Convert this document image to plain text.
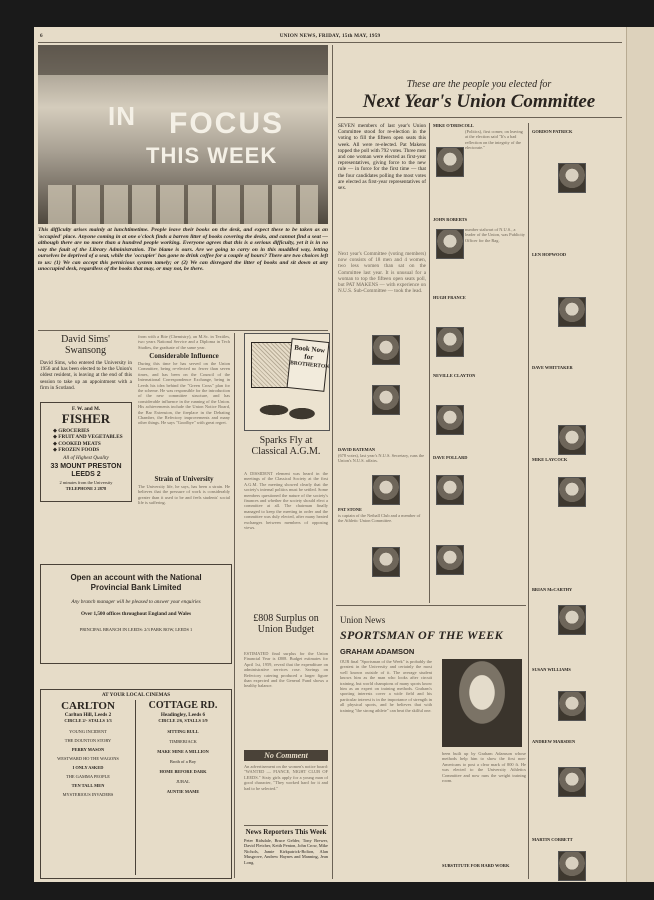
6	UNION NEWS, FRIDAY, 15th MAY, 1959
IN FOCUS
THIS WEEK
This difficulty arises mainly at lunchtimetime. People leave their books on the desk, and expect these to be taken as an 'occupied' place. Anyone coming in at one o'clock finds a barren litter of books covering the desks, and cannot find a seat — although there are no more than a hundred people working. Everyone agrees that this is a serious difficulty, yet it is in no way the fault of the Library Administration. The blame is ours. Are we going to carry on in this muddled way, letting ourselves be deprived of a seat, while the 'occupier' has gone to drink coffee for a couple of hours? There are two choices left to us: (1) We can accept this pernicious system tamely; or (2) We can disregard the litter of books and sit down at any unoccupied desk, regardless of the books that may, or may not, be there.
David Sims'
Swansong
David Sims, who entered the University in 1956 and has been elected to be the Union's oldest resident, is leaving at the end of this session to take up an appointment with a firm in Scotland.
F. W. and M.
FISHER
◆ GROCERIES
◆ FRUIT AND VEGETABLES
◆ COOKED MEATS
◆ FROZEN FOODS
All of Highest Quality
33 MOUNT PRESTON LEEDS 2
2 minutes from the University
TELEPHONE 2 2878
from with a Bite (Chemistry), an M.Sc. in Textiles, two years National Service and a Diploma in Tech Studies, the graduate of the same year.
Considerable Influence
During this time he has served on the Union Committee, being re-elected no fewer than seven times, and has been on the Council of the International Correspondence Exchange, being in Leeds his idea behind the "Green Cross" plan for the scheme. He was responsible for the introduction of the new committee structure, and has considerable influence in the running of the Union. His achievements include the Union Notice Board, the Bar Extension, the fireplace in the Debating Chamber, the Refectory improvements and many other things. He says "Goodbye" with great regret.
Strain of University
The University life, he says, has been a strain. He believes that the pressure of work is considerably greater than it used to be and feels students' social life is suffering.
Open an account with the National Provincial Bank Limited
Any branch manager will be pleased to answer your enquiries
Over 1,500 offices throughout England and Wales
PRINCIPAL BRANCH IN LEEDS: 2/3 PARK ROW, LEEDS 1
AT YOUR LOCAL CINEMAS
CARLTON
Carlton Hill, Leeds 2
CIRCLE 2/- STALLS 1/3
YOUNG INCIDENT
THE DOUNTON STORY
PERRY MASON
WESTWARD HO THE WAGONS
I ONLY ASKED
THE GAMMA PEOPLE
TEN TALL MEN
MYSTERIOUS INVADERS
COTTAGE RD.
Headingley, Leeds 6
CIRCLE 2/6, STALLS 1/9
SITTING BULL
TIMBERJACK
MAKE MINE A MILLION
Broth of a Boy
HOME BEFORE DARK
JUBAL
AUNTIE MAME
Book Now
for
BROTHERTON
Sparks Fly at Classical A.G.M.
A DISSIDENT element was heard in the meetings of the Classical Society at the first A.G.M. The meeting showed clearly that the society's internal politics must be settled. Some members questioned the nature of the society's finances and whether the society should elect a committee at all. The chairman finally managed to keep the meeting in order and the committee was duly elected, after many heated exchanges between members of opposing views.
£808 Surplus on Union Budget
ESTIMATED final surplus for the Union Financial Year is £808. Budget estimates for April 1st, 1959, reveal that the expenditure on administrative services rose. Savings on Refectory catering produced a larger figure than expected and the General Fund shows a healthy balance.
No Comment
An advertisement on the women's notice board: "WANTED — FIANCE, NIGHT CLUB OF LEEDS." Sixty girls apply for a young man of good character, "They worked hard for it and had to be selected."
News Reporters This Week
Peter Ridsdale, Bruce Gelder, Tony Brewer, David Fletcher, Keith Penton, John Crow, Mike Nichols, Jamie Kirkpatrick-Bolton, Alan Musgrove, Andrew Haynes and Manning, Jean Long.
These are the people you elected for
Next Year's Union Committee
SEVEN members of last year's Union Committee stood for re-election in the voting to fill the fifteen open seats this week. All were re-elected. Pat Makens topped the poll with 792 votes. Three men and one woman were elected as first-year representatives, giving force to the new rule — in force for the first time — that the four candidates polling the most votes are elected as first-year representatives of sex.
Next year's Committee (voting members) now consists of 18 men and 4 women, two less women than sat on the Committee last year. It is unusual for a woman to top the fifteen open seats poll, but PAT MAKENS — with experience on N.U.S. Sub-Committee — took the lead.
DAVID BATEMAN
(678 votes), last year's N.U.S. Secretary, runs the Union's N.U.S. affairs.
PAT STONE
is captain of the Netball Club and a member of the Athletic Union Committee.
MIKE O'DRISCOLL
(Politics), first comer, on leaving at the election said "It's a bad reflection on the integrity of the electorate."
JOHN ROBERTS
number stalwart of N.U.S., a leader of the Union, was Publicity Officer for the Rag.
HUGH FRANCE
NEVILLE CLAYTON
DAVE POLLARD
GORDON PATRICK
LEN HOPWOOD
DAVE WHITTAKER
MIKE LAYCOCK
BRIAN McCARTHY
SUSAN WILLIAMS
ANDREW MARSDEN
MARTIN CORBETT
Union News
SPORTSMAN OF THE WEEK
GRAHAM ADAMSON
OUR final "Sportsman of the Week" is probably the greatest in the University and certainly the most well known outside of it. The average student knows him as the man who looks after circuit training, but world champions of many sports know him as an expert on training methods. Graham's sporting interests cover a wide field and his particular interest is in the importance of strength in all physical sports, and he believes that with training "the strong athlete" can beat the skilful one.
been built up by Graham Adamson whose methods help him to show the first non-Americans to post a clear mark of 800 ft. He was elected to the University Athletics Committee and now runs the weight training room.
SUBSTITUTE FOR HARD WORK
